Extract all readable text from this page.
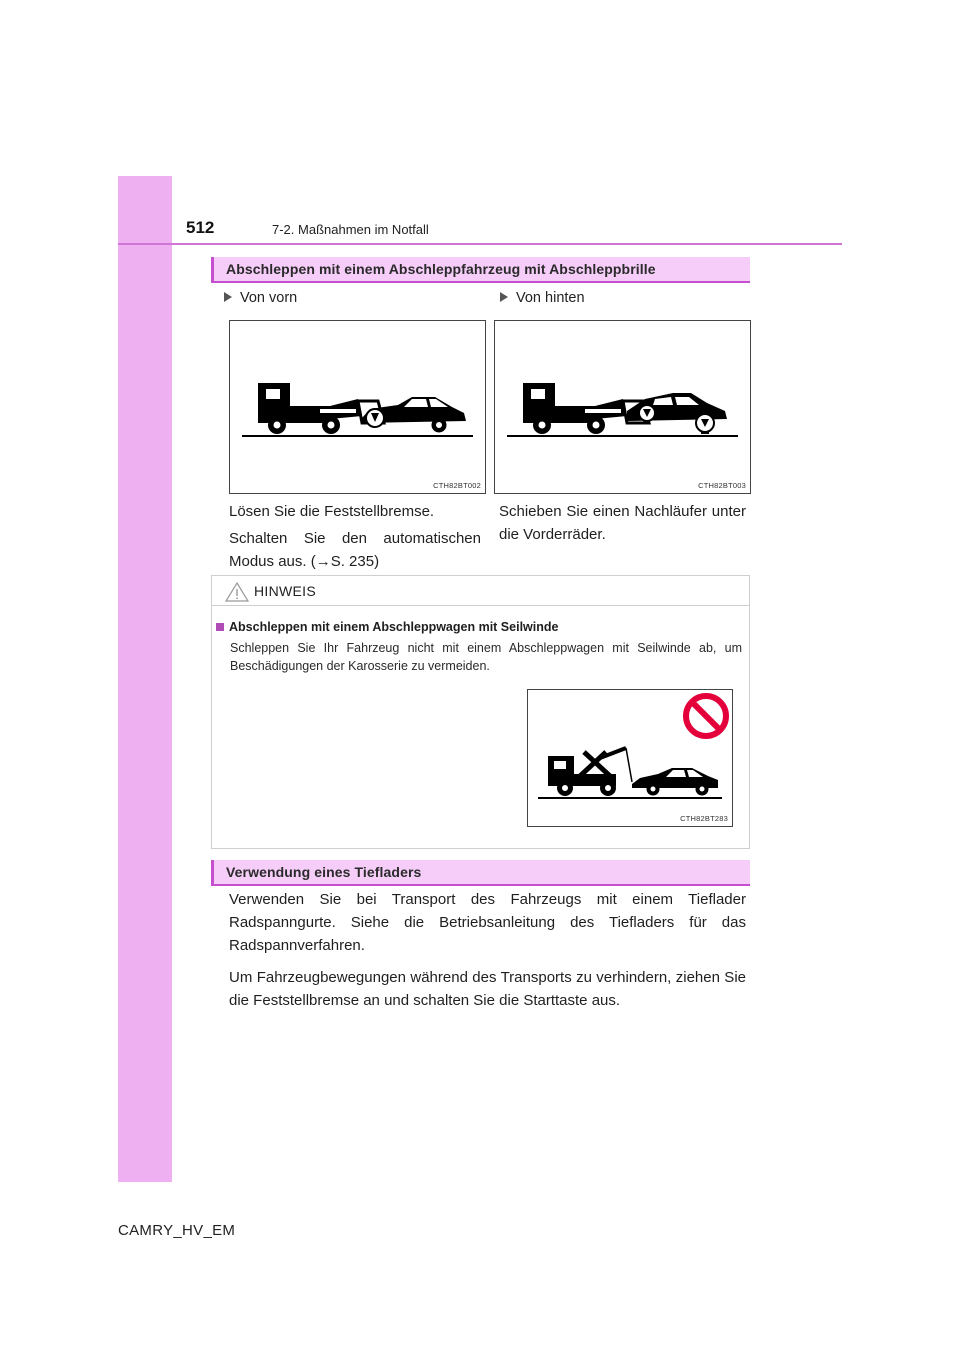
512	7-2. Maßnahmen im Notfall
Abschleppen mit einem Abschleppfahrzeug mit Abschleppbrille
Von vorn	Von hinten
CTH82BT002	CTH82BT003

Lösen Sie die Feststellbremse.

Schalten Sie den automatischen Modus aus. (→S. 235)

Schieben Sie einen Nachläufer unter die Vorderräder.

HINWEIS
Abschleppen mit einem Abschleppwagen mit Seilwinde
Schleppen Sie Ihr Fahrzeug nicht mit einem Abschleppwagen mit Seilwinde ab, um Beschädigungen der Karosserie zu vermeiden.
CTH82BT283
Verwendung eines Tiefladers

Verwenden Sie bei Transport des Fahrzeugs mit einem Tieflader Radspanngurte. Siehe die Betriebsanleitung des Tiefladers für das Radspannverfahren.

Um Fahrzeugbewegungen während des Transports zu verhindern, ziehen Sie die Feststellbremse an und schalten Sie die Starttaste aus.

CAMRY_HV_EM
